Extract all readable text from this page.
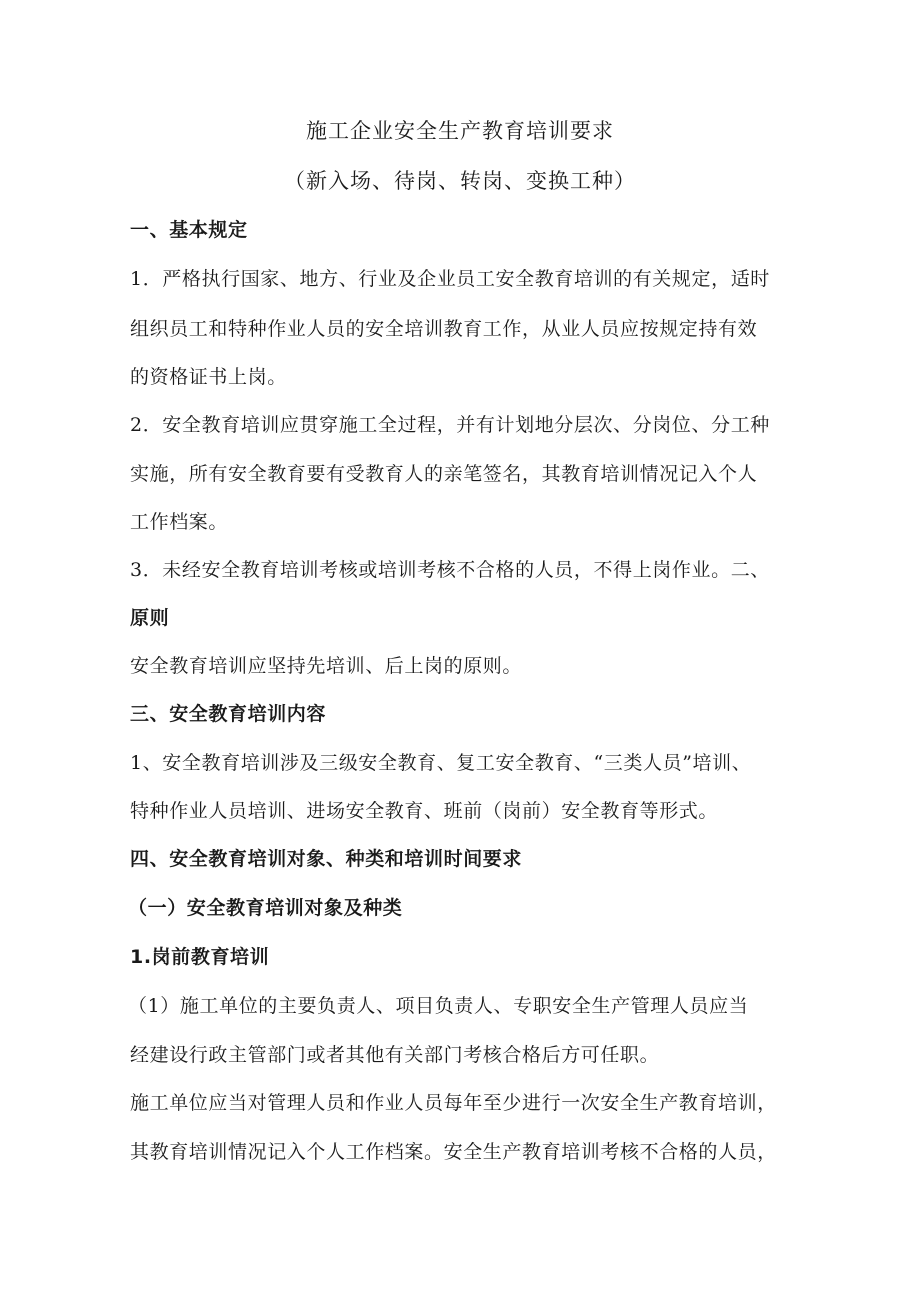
施工企业安全生产教育培训要求
（新入场、待岗、转岗、变换工种）
一、基本规定
1．严格执行国家、地方、行业及企业员工安全教育培训的有关规定，适时
组织员工和特种作业人员的安全培训教育工作，从业人员应按规定持有效
的资格证书上岗。
2．安全教育培训应贯穿施工全过程，并有计划地分层次、分岗位、分工种
实施，所有安全教育要有受教育人的亲笔签名，其教育培训情况记入个人
工作档案。
3．未经安全教育培训考核或培训考核不合格的人员，不得上岗作业。二、
原则
安全教育培训应坚持先培训、后上岗的原则。
三、安全教育培训内容
1、安全教育培训涉及三级安全教育、复工安全教育、“三类人员”培训、
特种作业人员培训、进场安全教育、班前（岗前）安全教育等形式。
四、安全教育培训对象、种类和培训时间要求
（一）安全教育培训对象及种类
1.岗前教育培训
（1）施工单位的主要负责人、项目负责人、专职安全生产管理人员应当
经建设行政主管部门或者其他有关部门考核合格后方可任职。
施工单位应当对管理人员和作业人员每年至少进行一次安全生产教育培训，
其教育培训情况记入个人工作档案。安全生产教育培训考核不合格的人员，
